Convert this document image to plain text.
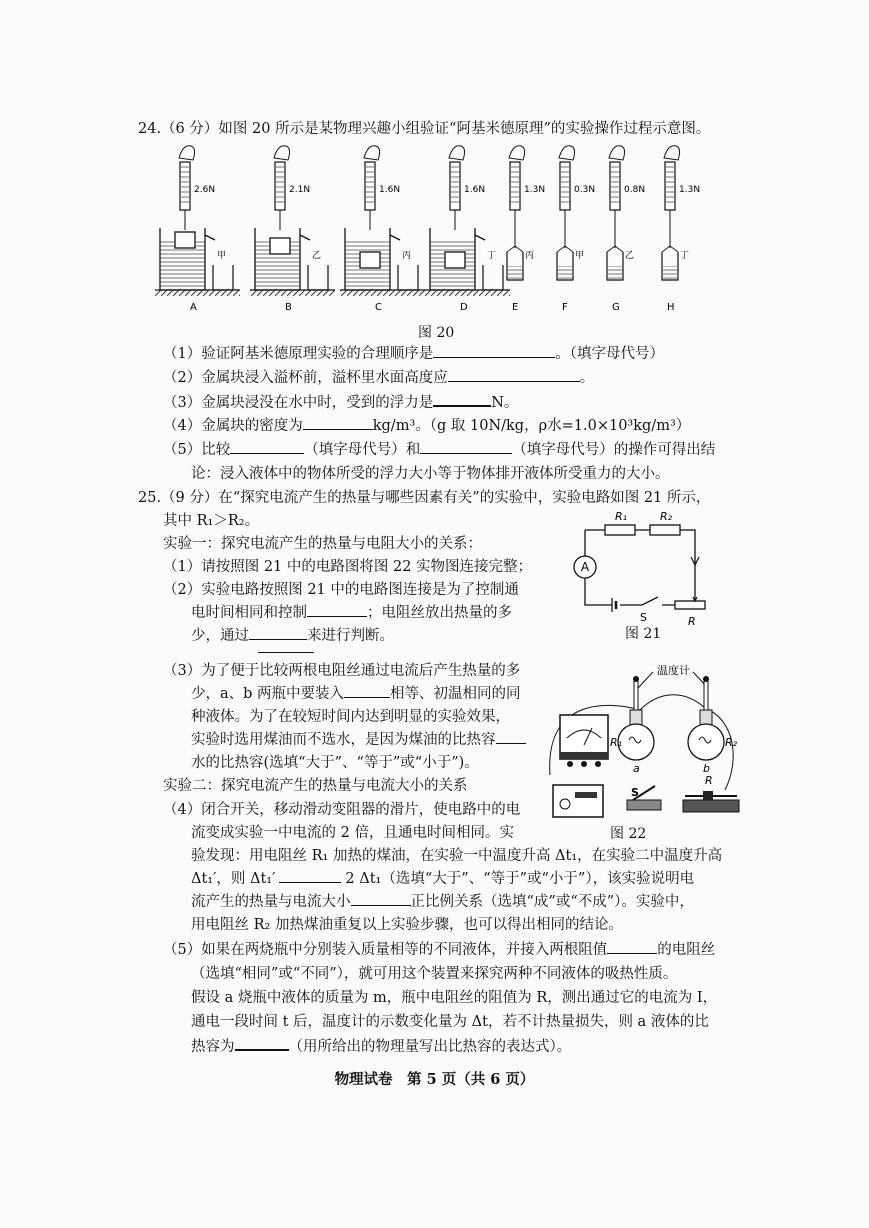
24.（6 分）如图 20 所示是某物理兴趣小组验证“阿基米德原理”的实验操作过程示意图。
2.6N
甲
A
2.1N
乙
B
1.6N
丙
C
1.6N
丁
D
1.3N
丙
E
0.3N
甲
F
0.8N
乙
G
1.3N
丁
H
图 20
（1）验证阿基米德原理实验的合理顺序是	。（填字母代号）
（2）金属块浸入溢杯前，溢杯里水面高度应	。
（3）金属块浸没在水中时，受到的浮力是	N。
（4）金属块的密度为	kg/m³。（g 取 10N/kg，ρ水=1.0×10³kg/m³）
（5）比较	（填字母代号）和	（填字母代号）的操作可得出结
论：浸入液体中的物体所受的浮力大小等于物体排开液体所受重力的大小。
25.（9 分）在“探究电流产生的热量与哪些因素有关”的实验中，实验电路如图 21 所示，
其中 R₁＞R₂。
实验一：探究电流产生的热量与电阻大小的关系：
（1）请按照图 21 中的电路图将图 22 实物图连接完整；
（2）实验电路按照图 21 中的电路图连接是为了控制通
电时间相同和控制	；电阻丝放出热量的多
少，通过	来进行判断。
（3）为了便于比较两根电阻丝通过电流后产生热量的多
少，a、b 两瓶中要装入	相等、初温相同的同
种液体。为了在较短时间内达到明显的实验效果，
实验时选用煤油而不选水，是因为煤油的比热容
水的比热容(选填“大于”、“等于”或“小于”)。
实验二：探究电流产生的热量与电流大小的关系
（4）闭合开关，移动滑动变阻器的滑片，使电路中的电
流变成实验一中电流的 2 倍，且通电时间相同。实
验发现：用电阻丝 R₁ 加热的煤油，在实验一中温度升高 Δt₁，在实验二中温度升高
Δt₁′，则 Δt₁′	2 Δt₁（选填“大于”、“等于”或“小于”），该实验说明电
流产生的热量与电流大小	正比例关系（选填“成”或“不成”）。实验中，
用电阻丝 R₂ 加热煤油重复以上实验步骤，也可以得出相同的结论。
（5）如果在两烧瓶中分别装入质量相等的不同液体，并接入两根阻值	的电阻丝
（选填“相同”或“不同”），就可用这个装置来探究两种不同液体的吸热性质。
假设 a 烧瓶中液体的质量为 m，瓶中电阻丝的阻值为 R，测出通过它的电流为 I，
通电一段时间 t 后，温度计的示数变化量为 Δt，若不计热量损失，则 a 液体的比
热容为	（用所给出的物理量写出比热容的表达式）。
A
R₁	R₂
S	R
图 21
温度计
R₁	R₂
a	b
S
R
图 22
物理试卷　第 5 页（共 6 页）
